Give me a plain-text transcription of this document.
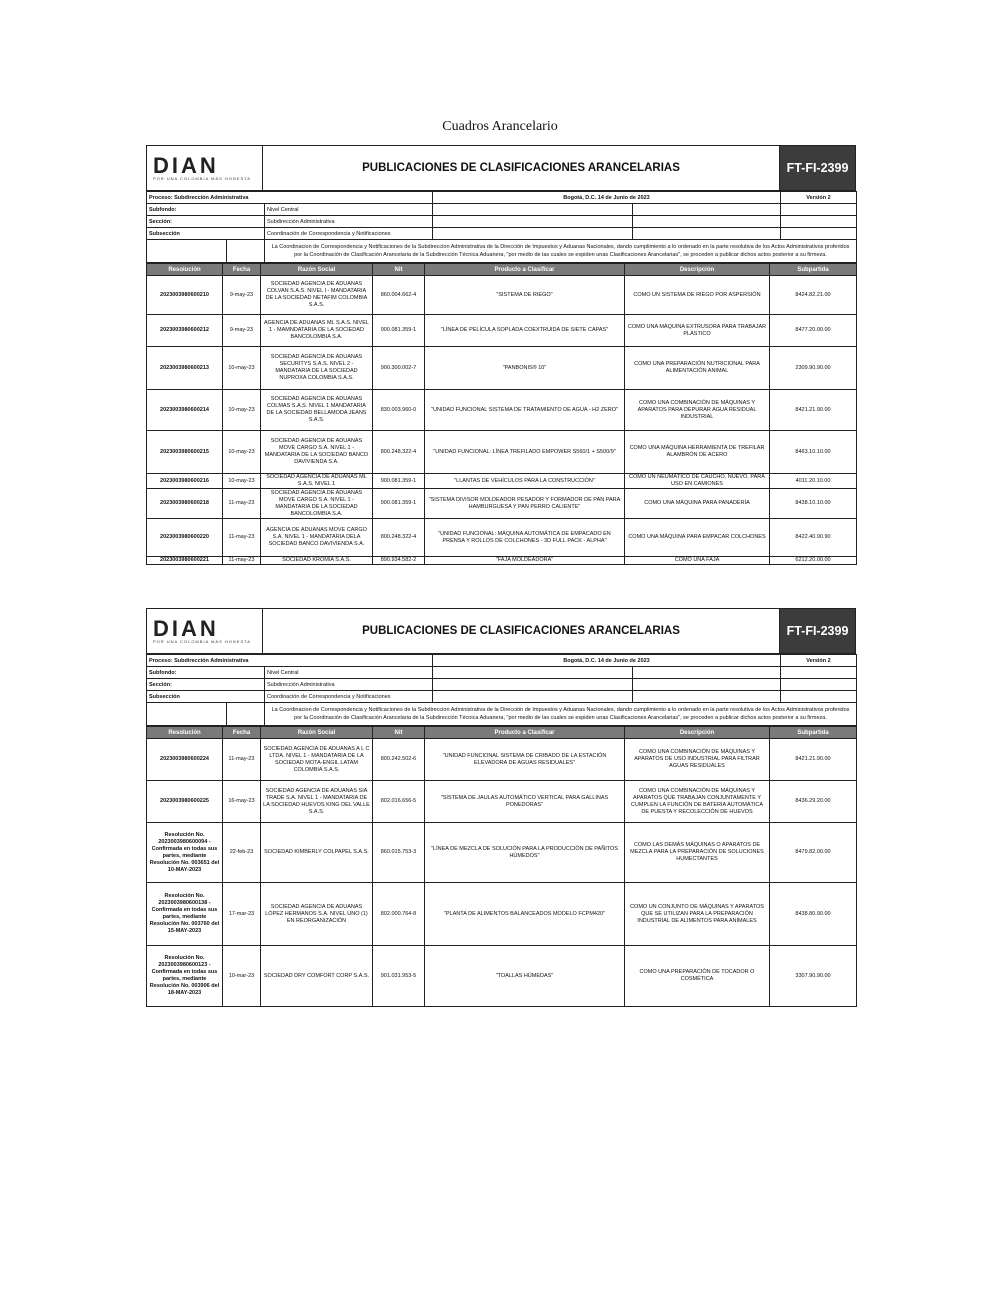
Cuadros Arancelario
DIAN
POR UNA COLOMBIA MÁS HONESTA
	PUBLICACIONES DE CLASIFICACIONES ARANCELARIAS	FT-FI-2399
Proceso: Subdirección Administrativa			Bogotá, D.C. 14 de Junio de 2023		Versión 2
Subfondo:		Nivel Central			
Sección:		Subdirección Administrativa			
Subsección		Coordinación de Correspondencia y Notificaciones			
		La Coordinacion de Correspondencia y Notificaciones de la Subdireccion Administrativa de la Dirección de Impuestos y Aduanas Nacionales, dando cumplimiento a lo ordenado en la parte resolutiva de los Actos Administrativos proferidos por la Coordinación de Clasificación Arancelaria de la Subdirección Técnica Aduanera, "por medio de las cuales se expiden unas Clasificaciones Arancelarias", se proceden a publicar dichos actos posterior a su firmeza.			
Resolución	Fecha	Razón Social	Nit	Producto a Clasificar	Descripción	Subpartida
2023003980600210	9-may-23	SOCIEDAD AGENCIA DE ADUANAS COLVAN S.A.S. NIVEL I - MANDATARIA DE LA SOCIEDAD NETAFIM COLOMBIA S.A.S.	860.004.662-4	"SISTEMA DE RIEGO"	COMO UN SISTEMA DE RIEGO POR ASPERSIÓN	8424.82.21.00
2023003980600212	9-may-23	AGENCIA DE ADUANAS ML S.A.S. NIVEL 1 - MAMNDATARIA DE LA SOCIEDAD BANCOLOMBIA S.A.	900.081.359-1	"LÍNEA DE PELÍCULA SOPLADA COEXTRUIDA DE SIETE CAPAS"	COMO UNA MÁQUINA EXTRUSORA PARA TRABAJAR PLÁSTICO	8477.20.00.00
2023003980600213	10-may-23	SOCIEDAD AGENCIA DE ADUANAS SECURITYS S.A.S. NIVEL 2 - MANDATARIA DE LA SOCIEDAD NUPROXA COLOMBIA S.A.S.	900.300.002-7	"PANBONIS® 10"	COMO UNA PREPARACIÓN NUTRICIONAL PARA ALIMENTACIÓN ANIMAL	2309.90.90.00
2023003980600214	10-may-23	SOCIEDAD AGENCIA DE ADUANAS COLMAS S.A.S. NIVEL 1 MANDATARIA DE LA SOCIEDAD BELLAMODA JEANS S.A.S.	830.003.960-0	"UNIDAD FUNCIONAL SISTEMA DE TRATAMIENTO DE AGUA - H2 ZERO"	COMO UNA COMBINACIÓN DE MÁQUINAS Y APARATOS PARA DEPURAR AGUA RESIDUAL INDUSTRIAL	8421.21.90.00
2023003980600215	10-may-23	SOCIEDAD AGENCIA DE ADUANAS MOVE CARGO S.A. NIVEL 1 - MANDATARIA DE LA SOCIEDAD BANCO DAVIVIENDA S.A.	800.248.322-4	"UNIDAD FUNCIONAL: LÍNEA TREFILADO EMPOWER S560/1 + S500/9"	COMO UNA MÁQUINA HERRAMIENTA DE TREFILAR ALAMBRÓN DE ACERO	8463.10.10.00
2023003980600216	10-may-23	SOCIEDAD AGENCIA DE ADUANAS ML S.A.S. NIVEL 1	900.081.359-1	"LLANTAS DE VEHÍCULOS PARA LA CONSTRUCCIÓN"	COMO UN NEUMÁTICO DE CAUCHO, NUEVO, PARA USO EN CAMIONES	4011.20.10.00
2023003980600218	11-may-23	SOCIEDAD AGENCIA DE ADUANAS MOVE CARGO S.A. NIVEL 1 - MANDATARIA DE LA SOCIEDAD BANCOLOMBIA S.A.	900.081.359-1	"SISTEMA DIVISOR MOLDEADOR PESADOR Y FORMADOR DE PAN PARA HAMBURGUESA Y PAN PERRO CALIENTE"	COMO UNA MÁQUINA PARA PANADERÍA	8438.10.10.00
2023003980600220	11-may-23	AGENCIA DE ADUANAS MOVE CARGO S.A. NIVEL 1 - MANDATARIA DELA SOCIEDAD BANCO DAVIVIENDA S.A.	800.248.322-4	"UNIDAD FUNCIONAL: MÁQUINA AUTOMÁTICA DE EMPACADO EN PRENSA Y ROLLOS DE COLCHONES - 3D FULL PACK - ALPHA"	COMO UNA MÁQUINA PARA EMPACAR COLCHONES	8422.40.90.90
2023003980600221	11-may-23	SOCIEDAD KROMIA S.A.S.	890.934.582-2	"FAJA MOLDEADORA"	COMO UNA FAJA	6212.20.00.00
DIAN
POR UNA COLOMBIA MÁS HONESTA
	PUBLICACIONES DE CLASIFICACIONES ARANCELARIAS	FT-FI-2399
Proceso: Subdirección Administrativa			Bogotá, D.C. 14 de Junio de 2023		Versión 2
Subfondo:		Nivel Central			
Sección:		Subdirección Administrativa			
Subsección		Coordinación de Correspondencia y Notificaciones			
		La Coordinacion de Correspondencia y Notificaciones de la Subdireccion Administrativa de la Dirección de Impuestos y Aduanas Nacionales, dando cumplimiento a lo ordenado en la parte resolutiva de los Actos Administrativos proferidos por la Coordinación de Clasificación Arancelaria de la Subdirección Técnica Aduanera, "por medio de las cuales se expiden unas Clasificaciones Arancelarias", se proceden a publicar dichos actos posterior a su firmeza.			
Resolución	Fecha	Razón Social	Nit	Producto a Clasificar	Descripción	Subpartida
2023003980600224	11-may-23	SOCIEDAD AGENCIA DE ADUANAS A L C LTDA. NIVEL 1 - MANDATARIA DE LA SOCIEDAD MOTA-ENGIL LATAM COLOMBIA S.A.S.	800.242.502-6	"UNIDAD FUNCIONAL SISTEMA DE CRIBADO DE LA ESTACIÓN ELEVADORA DE AGUAS RESIDUALES"	COMO UNA COMBINACIÓN DE MÁQUINAS Y APARATOS DE USO INDUSTRIAL PARA FILTRAR AGUAS RESIDUALES	8421.21.90.00
2023003980600225	16-may-23	SOCIEDAD AGENCIA DE ADUANAS SIA TRADE S.A. NIVEL 1 - MANDATARIA DE LA SOCIEDAD HUEVOS KING DEL VALLE S.A.S.	802.016.656-5	"SISTEMA DE JAULAS AUTOMÁTICO VERTICAL PARA GALLINAS PONEDORAS"	COMO UNA COMBINACIÓN DE MÁQUINAS Y APARATOS QUE TRABAJAN CONJUNTAMENTE Y CUMPLEN LA FUNCIÓN DE BATERÍA AUTOMÁTICA DE PUESTA Y RECOLECCIÓN DE HUEVOS	8436.29.20.00
Resolución No. 2023003980600094 - Confirmada en todas sus partes, mediante Resolución No. 003651 del 10-MAY-2023	22-feb-23	SOCIEDAD KIMBERLY COLPAPEL S.A.S.	860.015.753-3	"LÍNEA DE MEZCLA DE SOLUCIÓN PARA LA PRODUCCIÓN DE PAÑITOS HÚMEDOS"	COMO LAS DEMÁS MÁQUINAS O APARATOS DE MEZCLA PARA LA PREPARACIÓN DE SOLUCIONES HUMECTANTES	8479.82.00.00
Resolución No. 2023003980600138 - Confirmada en todas sus partes, mediante Resolución No. 003760 del 15-MAY-2023	17-mar-23	SOCIEDAD AGENCIA DE ADUANAS LÓPEZ HERMANOS S.A. NIVEL UNO (1) EN REORGANIZACIÓN	802.000.764-8	"PLANTA DE ALIMENTOS BALANCEADOS MODELO FCPM420"	COMO UN CONJUNTO DE MÁQUINAS Y APARATOS QUE SE UTILIZAN PARA LA PREPARACIÓN INDUSTRIAL DE ALIMENTOS PARA ANIMALES	8438.80.90.00
Resolución No. 2023003980600123 - Confirmada en todas sus partes, mediante Resolución No. 003906 del 18-MAY-2023	10-mar-23	SOCIEDAD DRY COMFORT CORP S.A.S.	901.031.953-5	"TOALLAS HÚMEDAS"	COMO UNA PREPARACIÓN DE TOCADOR O COSMÉTICA	3307.90.90.00
